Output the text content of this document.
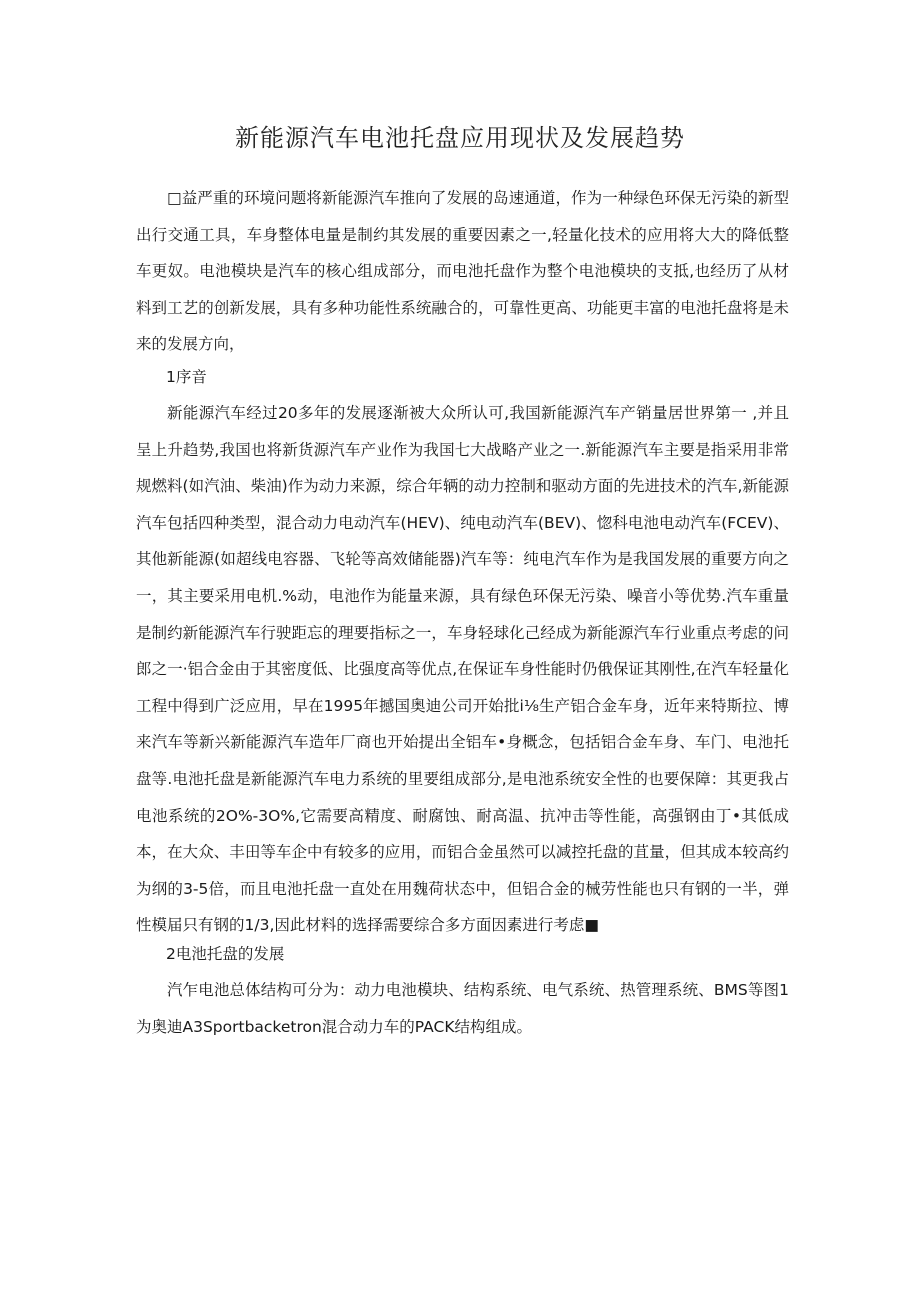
新能源汽车电池托盘应用现状及发展趋势

□益严重的环境问题将新能源汽车推向了发展的岛速通道，作为一种绿色环保无污染的新型出行交通工具，车身整体电量是制约其发展的重要因素之一,轻量化技术的应用将大大的降低整车更奴。电池模块是汽车的核心组成部分，而电池托盘作为整个电池模块的支抵,也经历了从材料到工艺的创新发展，具有多种功能性系统融合的，可靠性更高、功能更丰富的电池托盘将是未来的发展方向，

1序音

新能源汽车经过20多年的发展逐渐被大众所认可,我国新能源汽车产销量居世界第一 ,并且呈上升趋势,我国也将新货源汽车产业作为我国七大战略产业之一.新能源汽车主要是指采用非常规燃料(如汽油、柴油)作为动力来源，综合年辆的动力控制和驱动方面的先进技术的汽车,新能源汽车包括四种类型，混合动力电动汽车(HEV)、纯电动汽车(BEV)、惚科电池电动汽车(FCEV)、其他新能源(如超线电容器、飞轮等高效储能器)汽车等：纯电汽车作为是我国发展的重要方向之一，其主要采用电机.%动，电池作为能量来源，具有绿色环保无污染、噪音小等优势.汽车重量是制约新能源汽车行驶距忘的理要指标之一，车身轻球化己经成为新能源汽车行业重点考虑的问郎之一·铝合金由于其密度低、比强度高等优点,在保证车身性能时仍俄保证其刚性,在汽车轻量化工程中得到广泛应用，早在1995年撼国奥迪公司开始批i⅛生产铝合金车身，近年来特斯拉、博来汽车等新兴新能源汽车造年厂商也开始提出全铝车•身概念，包括铝合金车身、车门、电池托盘等.电池托盘是新能源汽车电力系统的里要组成部分,是电池系统安全性的也要保障：其更我占电池系统的2O%-3O%,它需要高精度、耐腐蚀、耐高温、抗冲击等性能，高强钢由丁•其低成本，在大众、丰田等车企中有较多的应用，而铝合金虽然可以减控托盘的苴量，但其成本较高约为纲的3-5倍，而且电池托盘一直处在用魏荷状态中，但铝合金的械劳性能也只有钢的一半，弹性模届只有钢的1/3,因此材料的选择需要综合多方面因素进行考虑■

2电池托盘的发展

汽乍电池总体结构可分为：动力电池模块、结构系统、电气系统、热管理系统、BMS等图1为奥迪A3Sportbacketron混合动力车的PACK结构组成。
